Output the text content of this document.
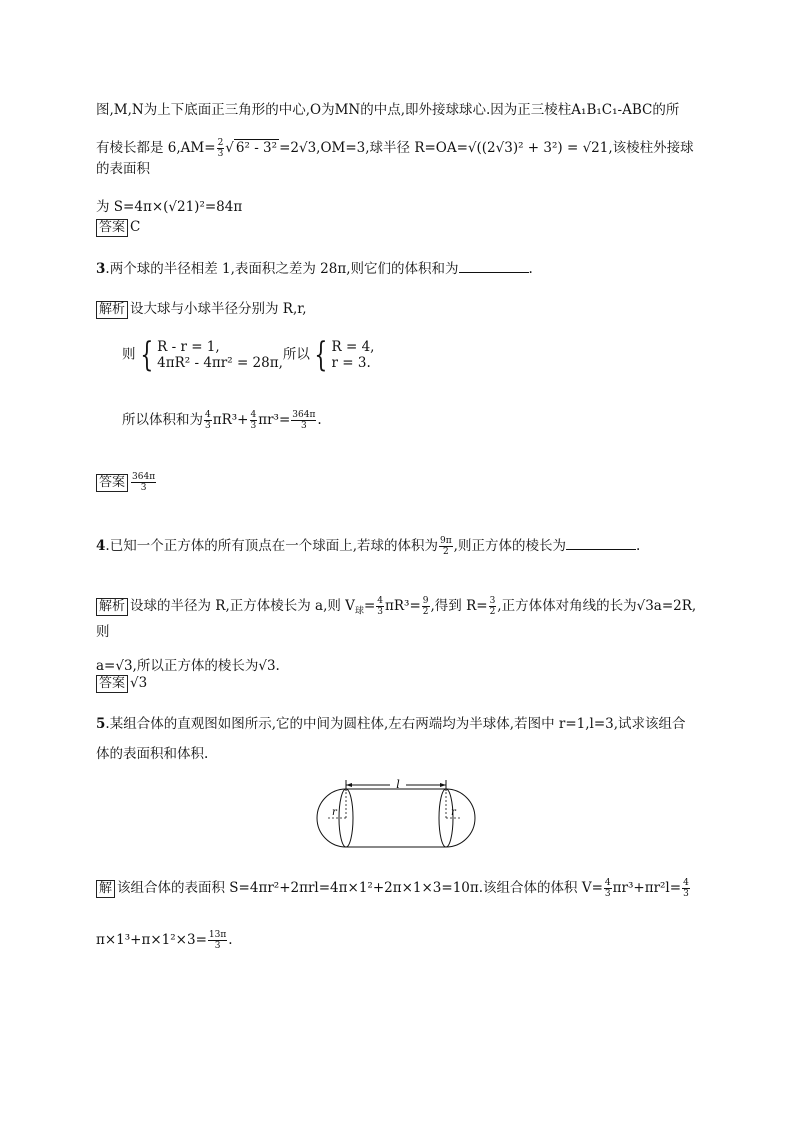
图,M,N为上下底面正三角形的中心,O为MN的中点,即外接球球心.因为正三棱柱A₁B₁C₁-ABC的所
有棱长都是 $6,AM= \frac{2}{3}$ √ 6² - 3² =2√3,OM=3,球半径 R=OA=√((2√3)² + 3²) = √21,该棱柱外接球的表面积
为 S=4π×(√21)²=84π
答案 C
3.两个球的半径相差 1,表面积之差为 28π,则它们的体积和为	.
解析 设大球与小球半径分别为 R,r,
则 { R - r = 1,
4πR² - 4πr² = 28π,
所以 { R = 4,
r = 3.
所以体积和为 $\frac{4}{3} \pi R^3+ \frac{4}{3} \pi r^3= \frac{364\pi}{3}$ .
答案 $\frac{364\pi}{3}$
4.已知一个正方体的所有顶点在一个球面上,若球的体积为 $\frac{9\pi}{2}$ ,则正方体的棱长为	.
解析 设球的半径为 R,正方体棱长为 a,则 $V_球= \frac{4}{3} \pi R^3= \frac{9}{2}$ ,得到 $R= \frac{3}{2}$ ,正方体体对角线的长为√3a=2R,则
a=√3,所以正方体的棱长为√3.
答案 √3
5.某组合体的直观图如图所示,它的中间为圆柱体,左右两端均为半球体,若图中 r=1,l=3,试求该组合
体的表面积和体积.
l
r	r
解 该组合体的表面积 S=4πr²+2πrl=4π×1²+2π×1×3=10π.该组合体的体积 $V= \frac{4}{3} \pi r^3+\pi r^2l= \frac{4}{3}$
$\pi\times 1^3+\pi\times 1^2\times 3= \frac{13\pi}{3}$ .
